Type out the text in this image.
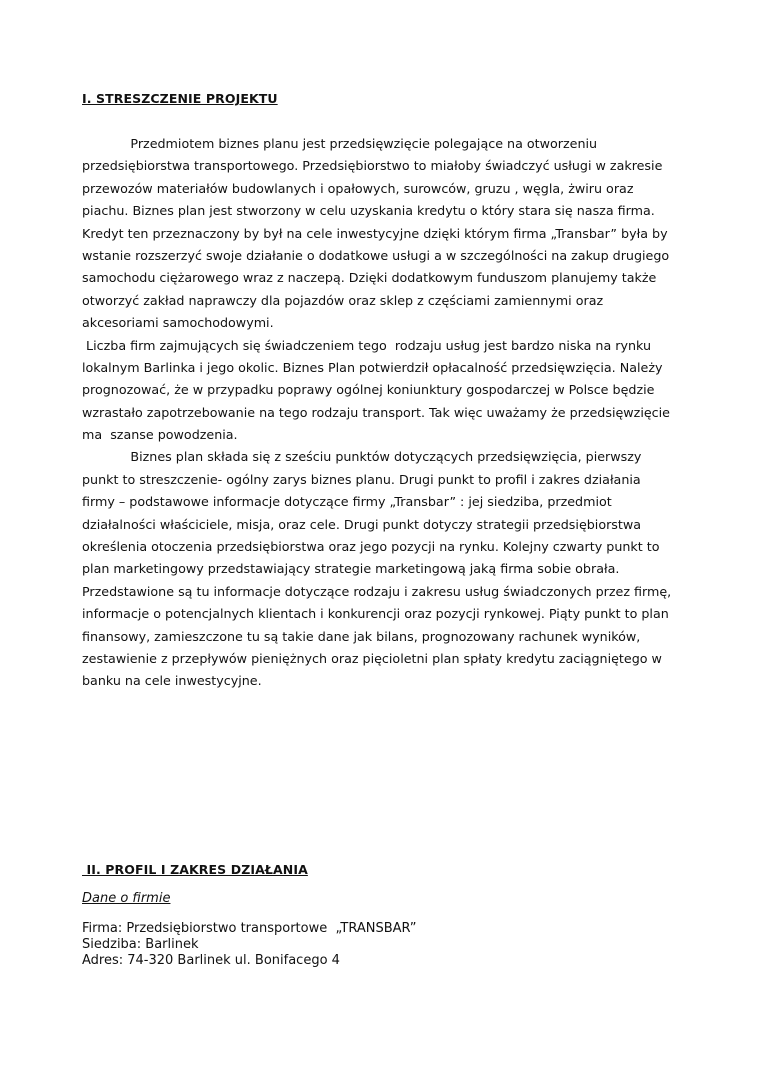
I. STRESZCZENIE PROJEKTU
Przedmiotem biznes planu jest przedsięwzięcie polegające na otworzeniu
przedsiębiorstwa transportowego. Przedsiębiorstwo to miałoby świadczyć usługi w zakresie
przewozów materiałów budowlanych i opałowych, surowców, gruzu , węgla, żwiru oraz
piachu. Biznes plan jest stworzony w celu uzyskania kredytu o który stara się nasza firma.
Kredyt ten przeznaczony by był na cele inwestycyjne dzięki którym firma „Transbar” była by
wstanie rozszerzyć swoje działanie o dodatkowe usługi a w szczególności na zakup drugiego
samochodu ciężarowego wraz z naczepą. Dzięki dodatkowym funduszom planujemy także
otworzyć zakład naprawczy dla pojazdów oraz sklep z częściami zamiennymi oraz
akcesoriami samochodowymi.
Liczba firm zajmujących się świadczeniem tego  rodzaju usług jest bardzo niska na rynku
lokalnym Barlinka i jego okolic. Biznes Plan potwierdził opłacalność przedsięwzięcia. Należy
prognozować, że w przypadku poprawy ogólnej koniunktury gospodarczej w Polsce będzie
wzrastało zapotrzebowanie na tego rodzaju transport. Tak więc uważamy że przedsięwzięcie
ma  szanse powodzenia.
Biznes plan składa się z sześciu punktów dotyczących przedsięwzięcia, pierwszy
punkt to streszczenie- ogólny zarys biznes planu. Drugi punkt to profil i zakres działania
firmy – podstawowe informacje dotyczące firmy „Transbar” : jej siedziba, przedmiot
działalności właściciele, misja, oraz cele. Drugi punkt dotyczy strategii przedsiębiorstwa
określenia otoczenia przedsiębiorstwa oraz jego pozycji na rynku. Kolejny czwarty punkt to
plan marketingowy przedstawiający strategie marketingową jaką firma sobie obrała.
Przedstawione są tu informacje dotyczące rodzaju i zakresu usług świadczonych przez firmę,
informacje o potencjalnych klientach i konkurencji oraz pozycji rynkowej. Piąty punkt to plan
finansowy, zamieszczone tu są takie dane jak bilans, prognozowany rachunek wyników,
zestawienie z przepływów pieniężnych oraz pięcioletni plan spłaty kredytu zaciągniętego w
banku na cele inwestycyjne.
II. PROFIL I ZAKRES DZIAŁANIA
Dane o firmie
Firma: Przedsiębiorstwo transportowe  „TRANSBAR”
Siedziba: Barlinek
Adres: 74-320 Barlinek ul. Bonifacego 4
